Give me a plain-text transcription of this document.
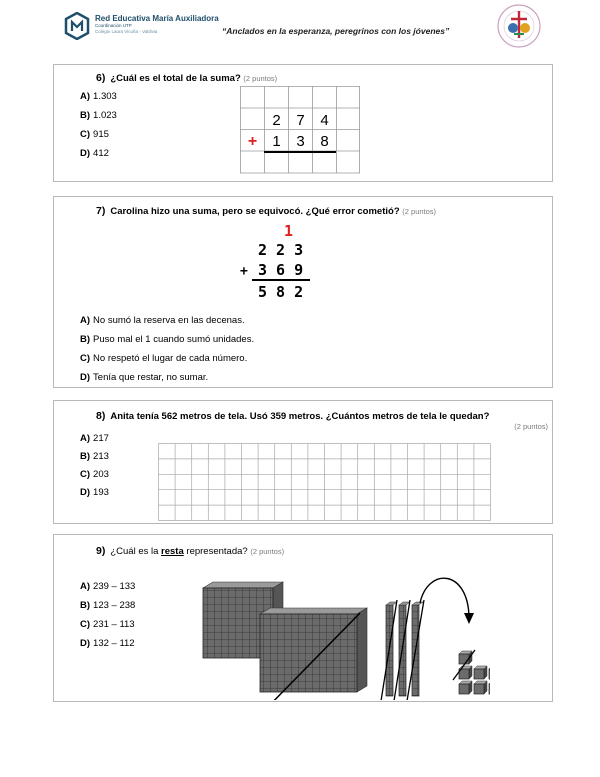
Red Educativa María Auxiliadora
Coordinación UTP
Colegio Laura Vicuña - Valdivia	“Anclados en la esperanza, peregrinos con los jóvenes”
6) ¿Cuál es el total de la suma? (2 puntos)
A) 1.303
B) 1.023
C) 915
D) 412
2 7 4
1 3 8
+
7) Carolina hizo una suma, pero se equivocó. ¿Qué error cometió? (2 puntos)
1
2 2 3
+ 3 6 9
5 8 2
A) No sumó la reserva en las decenas.
B) Puso mal el 1 cuando sumó unidades.
C) No respetó el lugar de cada número.
D) Tenía que restar, no sumar.
8) Anita tenía 562 metros de tela. Usó 359 metros. ¿Cuántos metros de tela le quedan?
(2 puntos)
A) 217
B) 213
C) 203
D) 193
9) ¿Cuál es la resta representada? (2 puntos)
A) 239 – 133
B) 123 – 238
C) 231 – 113
D) 132 – 112
